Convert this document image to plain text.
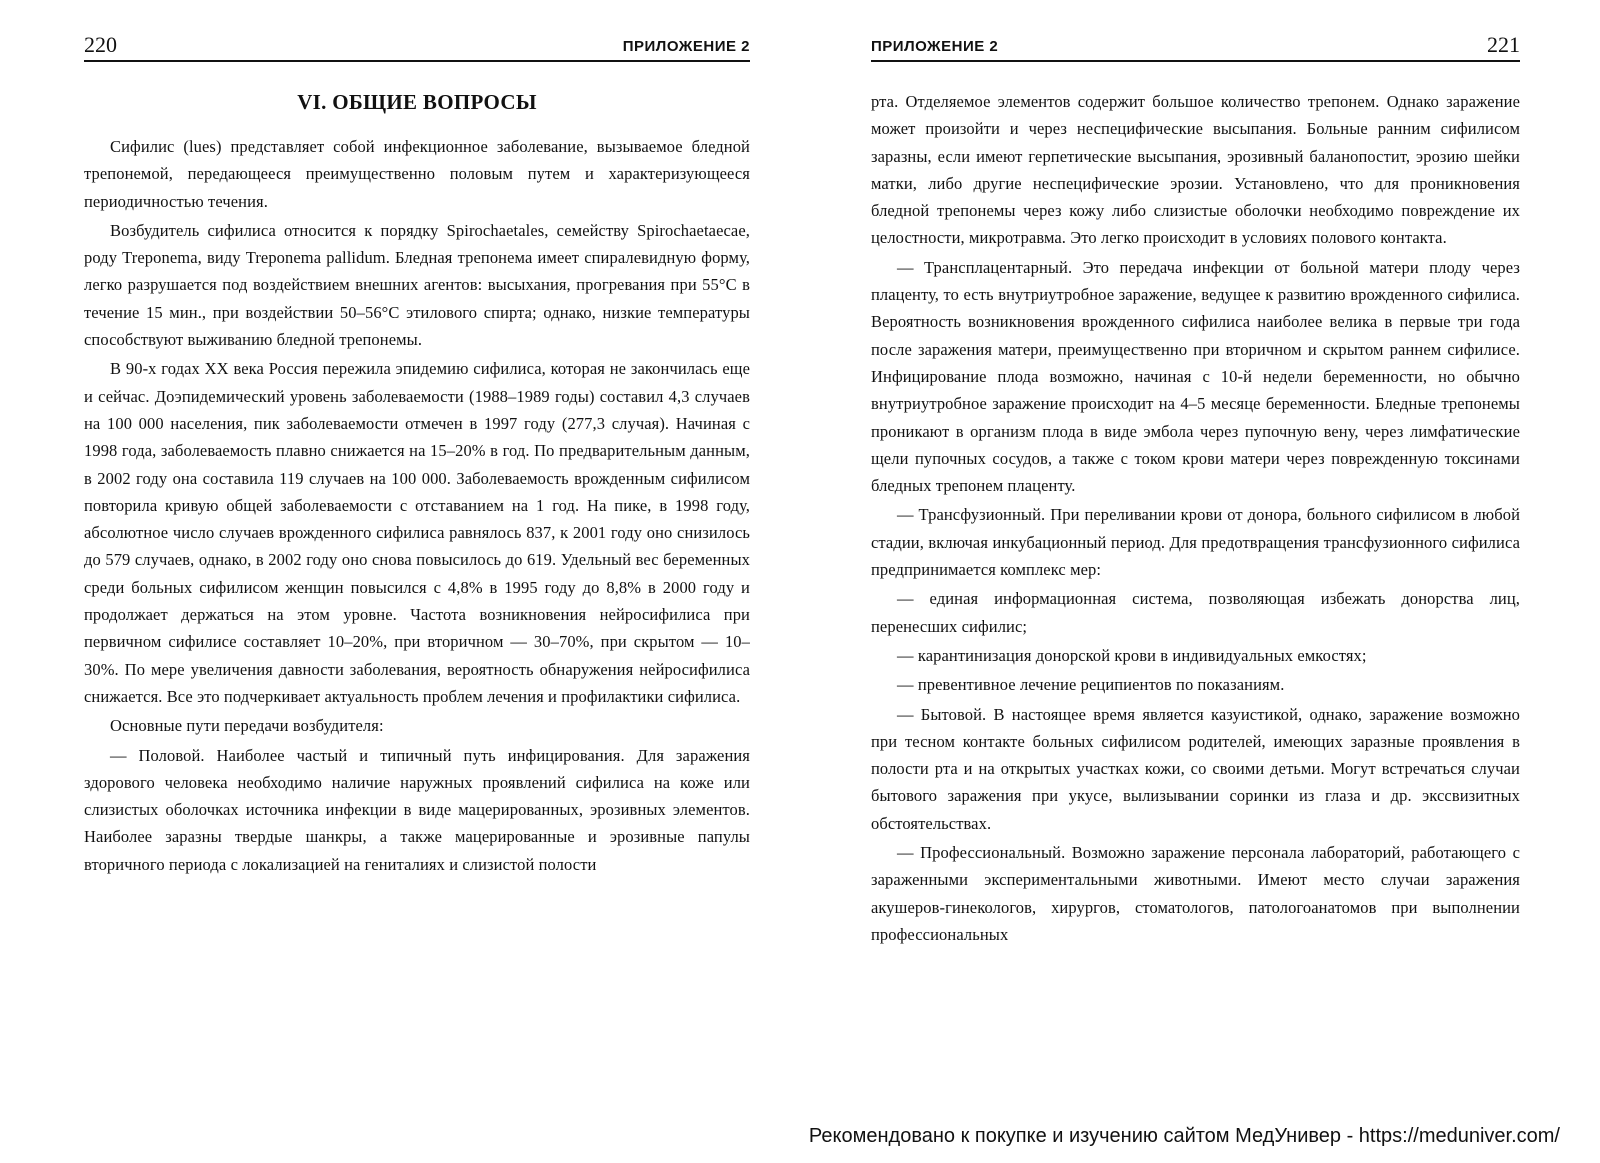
220	ПРИЛОЖЕНИЕ 2
VI. ОБЩИЕ ВОПРОСЫ

Сифилис (lues) представляет собой инфекционное заболевание, вызываемое бледной трепонемой, передающееся преимущественно половым путем и характеризующееся периодичностью течения.

Возбудитель сифилиса относится к порядку Spirochaetales, семейству Spirochaetaecae, роду Treponema, виду Treponema pallidum. Бледная трепонема имеет спиралевидную форму, легко разрушается под воздействием внешних агентов: высыхания, прогревания при 55°С в течение 15 мин., при воздействии 50–56°С этилового спирта; однако, низкие температуры способствуют выживанию бледной трепонемы.

В 90-х годах XX века Россия пережила эпидемию сифилиса, которая не закончилась еще и сейчас. Доэпидемический уровень заболеваемости (1988–1989 годы) составил 4,3 случаев на 100 000 населения, пик заболеваемости отмечен в 1997 году (277,3 случая). Начиная с 1998 года, заболеваемость плавно снижается на 15–20% в год. По предварительным данным, в 2002 году она составила 119 случаев на 100 000. Заболеваемость врожденным сифилисом повторила кривую общей заболеваемости с отставанием на 1 год. На пике, в 1998 году, абсолютное число случаев врожденного сифилиса равнялось 837, к 2001 году оно снизилось до 579 случаев, однако, в 2002 году оно снова повысилось до 619. Удельный вес беременных среди больных сифилисом женщин повысился с 4,8% в 1995 году до 8,8% в 2000 году и продолжает держаться на этом уровне. Частота возникновения нейросифилиса при первичном сифилисе составляет 10–20%, при вторичном — 30–70%, при скрытом — 10–30%. По мере увеличения давности заболевания, вероятность обнаружения нейросифилиса снижается. Все это подчеркивает актуальность проблем лечения и профилактики сифилиса.

Основные пути передачи возбудителя:

— Половой. Наиболее частый и типичный путь инфицирования. Для заражения здорового человека необходимо наличие наружных проявлений сифилиса на коже или слизистых оболочках источника инфекции в виде мацерированных, эрозивных элементов. Наиболее заразны твердые шанкры, а также мацерированные и эрозивные папулы вторичного периода с локализацией на гениталиях и слизистой полости

ПРИЛОЖЕНИЕ 2	221

рта. Отделяемое элементов содержит большое количество трепонем. Однако заражение может произойти и через неспецифические высыпания. Больные ранним сифилисом заразны, если имеют герпетические высыпания, эрозивный баланопостит, эрозию шейки матки, либо другие неспецифические эрозии. Установлено, что для проникновения бледной трепонемы через кожу либо слизистые оболочки необходимо повреждение их целостности, микротравма. Это легко происходит в условиях полового контакта.

— Трансплацентарный. Это передача инфекции от больной матери плоду через плаценту, то есть внутриутробное заражение, ведущее к развитию врожденного сифилиса. Вероятность возникновения врожденного сифилиса наиболее велика в первые три года после заражения матери, преимущественно при вторичном и скрытом раннем сифилисе. Инфицирование плода возможно, начиная с 10-й недели беременности, но обычно внутриутробное заражение происходит на 4–5 месяце беременности. Бледные трепонемы проникают в организм плода в виде эмбола через пупочную вену, через лимфатические щели пупочных сосудов, а также с током крови матери через поврежденную токсинами бледных трепонем плаценту.

— Трансфузионный. При переливании крови от донора, больного сифилисом в любой стадии, включая инкубационный период. Для предотвращения трансфузионного сифилиса предпринимается комплекс мер:

— единая информационная система, позволяющая избежать донорства лиц, перенесших сифилис;

— карантинизация донорской крови в индивидуальных емкостях;

— превентивное лечение реципиентов по показаниям.

— Бытовой. В настоящее время является казуистикой, однако, заражение возможно при тесном контакте больных сифилисом родителей, имеющих заразные проявления в полости рта и на открытых участках кожи, со своими детьми. Могут встречаться случаи бытового заражения при укусе, вылизывании соринки из глаза и др. экссвизитных обстоятельствах.

— Профессиональный. Возможно заражение персонала лабораторий, работающего с зараженными экспериментальными животными. Имеют место случаи заражения акушеров-гинекологов, хирургов, стоматологов, патологоанатомов при выполнении профессиональных

Рекомендовано к покупке и изучению сайтом МедУнивер - https://meduniver.com/
